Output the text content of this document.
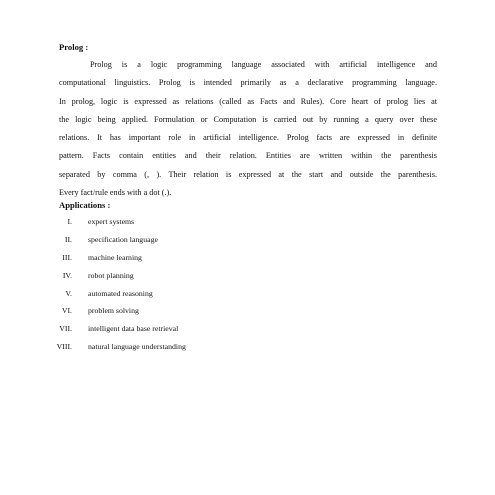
Prolog :
Prolog is a logic programming language associated with artificial intelligence and
computational linguistics. Prolog is intended primarily as a declarative programming language.
In prolog, logic is expressed as relations (called as Facts and Rules). Core heart of prolog lies at
the logic being applied. Formulation or Computation is carried out by running a query over these
relations. It has important role in artificial intelligence. Prolog facts are expressed in definite
pattern. Facts contain entities and their relation. Entities are written within the parenthesis
separated by comma (, ). Their relation is expressed at the start and outside the parenthesis.
Every fact/rule ends with a dot (.).
Applications :
I. expert systems
II. specification language
III. machine learning
IV. robot planning
V. automated reasoning
VI. problem solving
VII. intelligent data base retrieval
VIII. natural language understanding
